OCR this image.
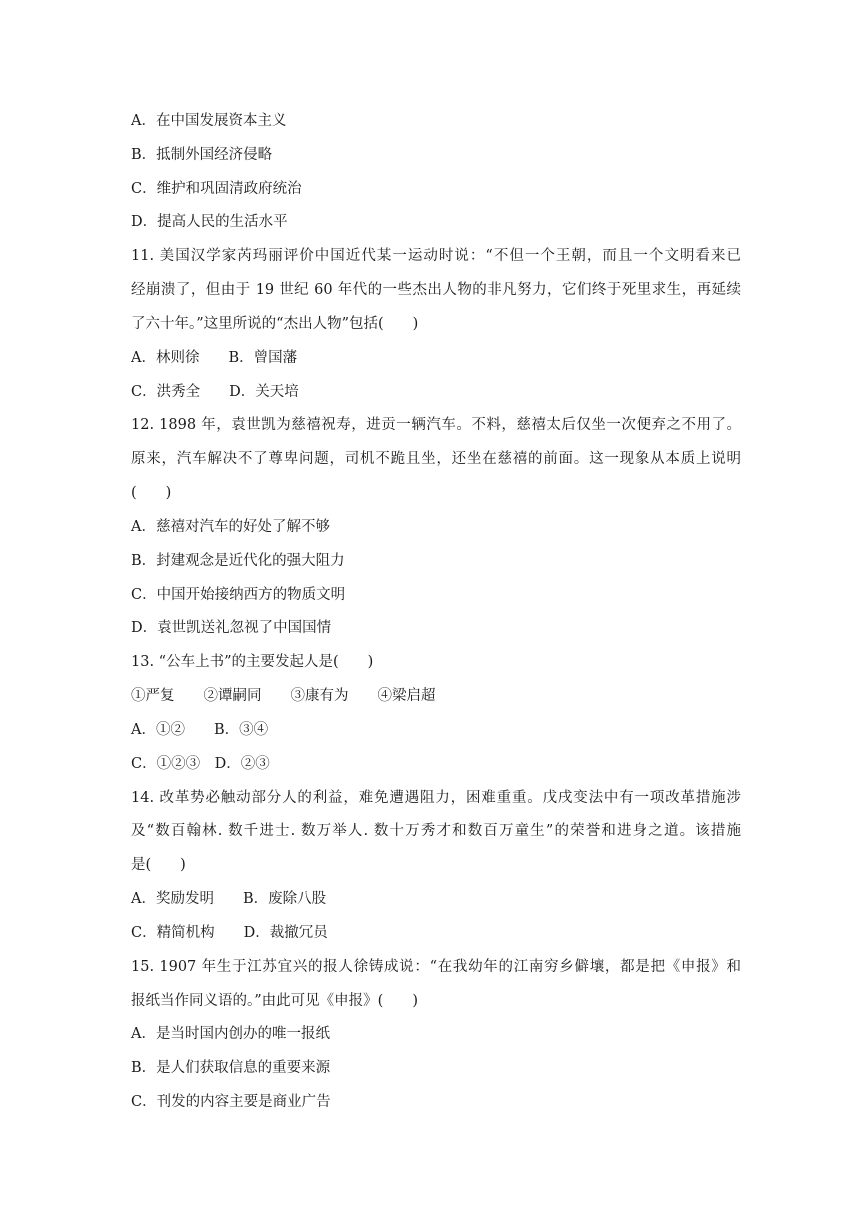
A．在中国发展资本主义
B．抵制外国经济侵略
C．维护和巩固清政府统治
D．提高人民的生活水平
11. 美国汉学家芮玛丽评价中国近代某一运动时说：“不但一个王朝，而且一个文明看来已
经崩溃了，但由于 19 世纪 60 年代的一些杰出人物的非凡努力，它们终于死里求生，再延续
了六十年。”这里所说的“杰出人物”包括(　　)
A．林则徐　　B．曾国藩
C．洪秀全　　D．关天培
12. 1898 年，袁世凯为慈禧祝寿，进贡一辆汽车。不料，慈禧太后仅坐一次便弃之不用了。
原来，汽车解决不了尊卑问题，司机不跪且坐，还坐在慈禧的前面。这一现象从本质上说明
(　　)
A．慈禧对汽车的好处了解不够
B．封建观念是近代化的强大阻力
C．中国开始接纳西方的物质文明
D．袁世凯送礼忽视了中国国情
13. “公车上书”的主要发起人是(　　)
①严复　　②谭嗣同　　③康有为　　④梁启超
A．①②　　B．③④
C．①②③　D．②③
14. 改革势必触动部分人的利益，难免遭遇阻力，困难重重。戊戌变法中有一项改革措施涉
及“数百翰林. 数千进士. 数万举人. 数十万秀才和数百万童生”的荣誉和进身之道。该措施
是(　　)
A．奖励发明　　B．废除八股
C．精简机构　　D．裁撤冗员
15. 1907 年生于江苏宜兴的报人徐铸成说：“在我幼年的江南穷乡僻壤，都是把《申报》和
报纸当作同义语的。”由此可见《申报》(　　)
A．是当时国内创办的唯一报纸
B．是人们获取信息的重要来源
C．刊发的内容主要是商业广告
